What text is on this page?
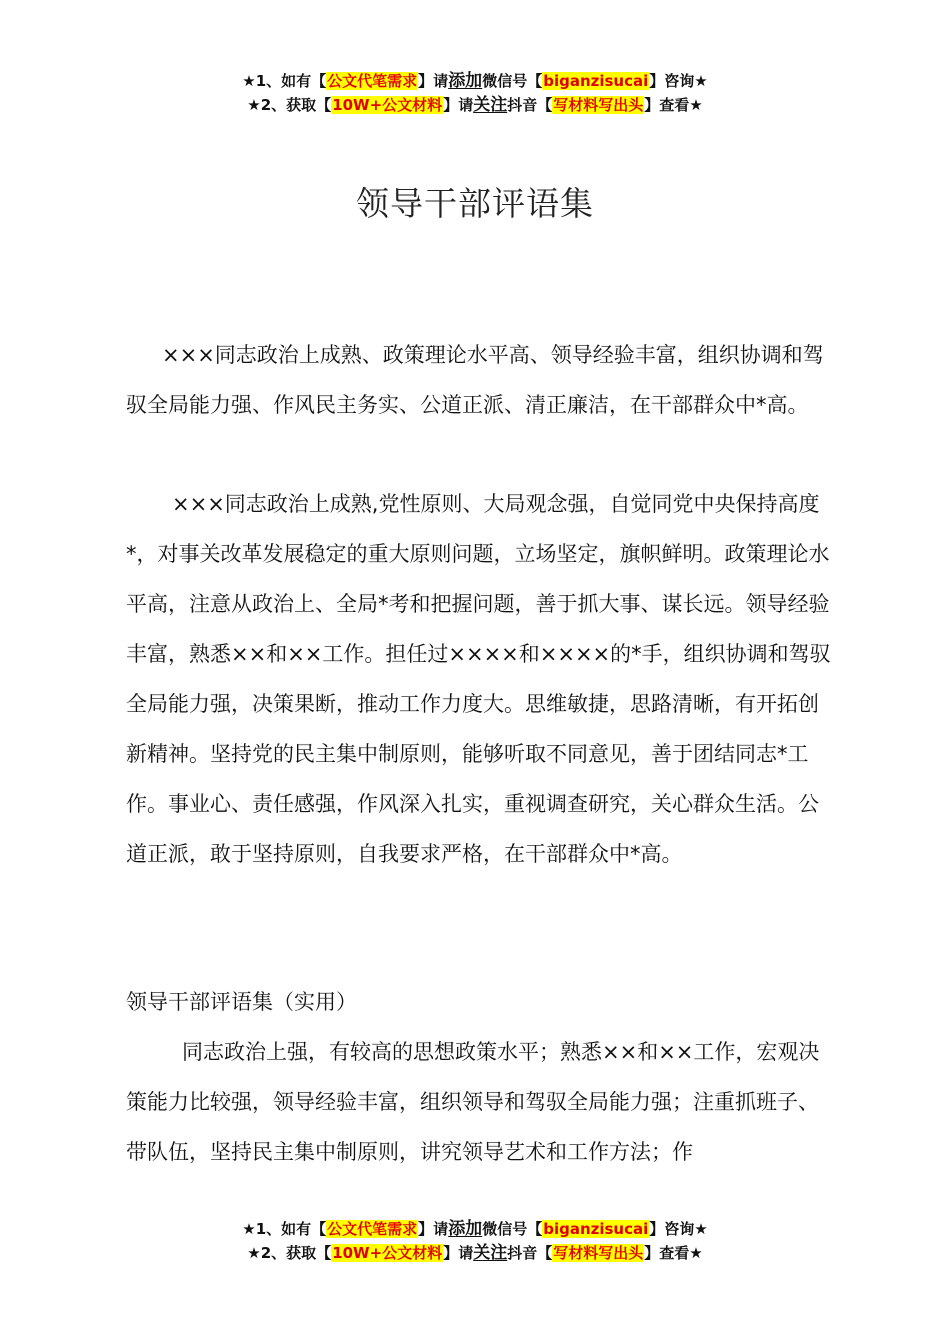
★1、如有【公文代笔需求】请添加微信号【biganzisucai】咨询★
★2、获取【10W+公文材料】请关注抖音【写材料写出头】查看★
领导干部评语集

×××同志政治上成熟、政策理论水平高、领导经验丰富，组织协调和驾驭全局能力强、作风民主务实、公道正派、清正廉洁，在干部群众中*高。

×××同志政治上成熟,党性原则、大局观念强，自觉同党中央保持高度*，对事关改革发展稳定的重大原则问题，立场坚定，旗帜鲜明。政策理论水平高，注意从政治上、全局*考和把握问题，善于抓大事、谋长远。领导经验丰富，熟悉××和××工作。担任过××××和××××的*手，组织协调和驾驭全局能力强，决策果断，推动工作力度大。思维敏捷，思路清晰，有开拓创新精神。坚持党的民主集中制原则，能够听取不同意见，善于团结同志*工作。事业心、责任感强，作风深入扎实，重视调查研究，关心群众生活。公道正派，敢于坚持原则，自我要求严格，在干部群众中*高。

领导干部评语集（实用）

同志政治上强，有较高的思想政策水平；熟悉××和××工作，宏观决策能力比较强，领导经验丰富，组织领导和驾驭全局能力强；注重抓班子、带队伍，坚持民主集中制原则，讲究领导艺术和工作方法；作

★1、如有【公文代笔需求】请添加微信号【biganzisucai】咨询★
★2、获取【10W+公文材料】请关注抖音【写材料写出头】查看★
